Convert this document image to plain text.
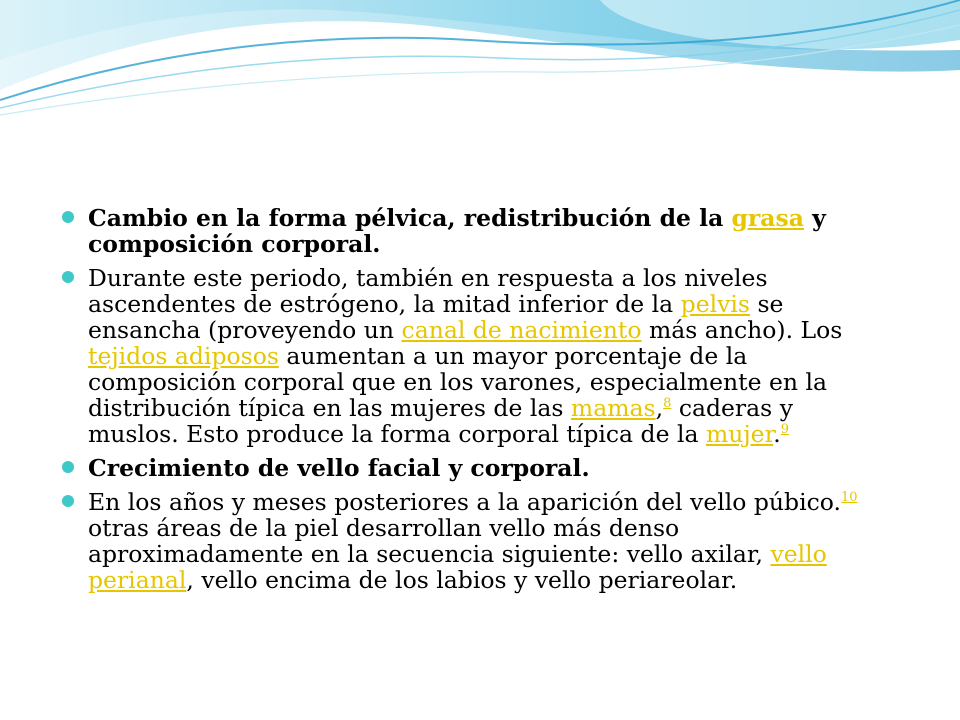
Cambio en la forma pélvica, redistribución de la grasa y composición corporal.
Durante este periodo, también en respuesta a los niveles ascendentes de estrógeno, la mitad inferior de la pelvis se ensancha (proveyendo un canal de nacimiento más ancho). Los tejidos adiposos aumentan a un mayor porcentaje de la composición corporal que en los varones, especialmente en la distribución típica en las mujeres de las mamas,$^8$ caderas y muslos. Esto produce la forma corporal típica de la mujer.$^9$
Crecimiento de vello facial y corporal.
En los años y meses posteriores a la aparición del vello púbico.$^{10}$ otras áreas de la piel desarrollan vello más denso aproximadamente en la secuencia siguiente: vello axilar, vello perianal, vello encima de los labios y vello periareolar.
